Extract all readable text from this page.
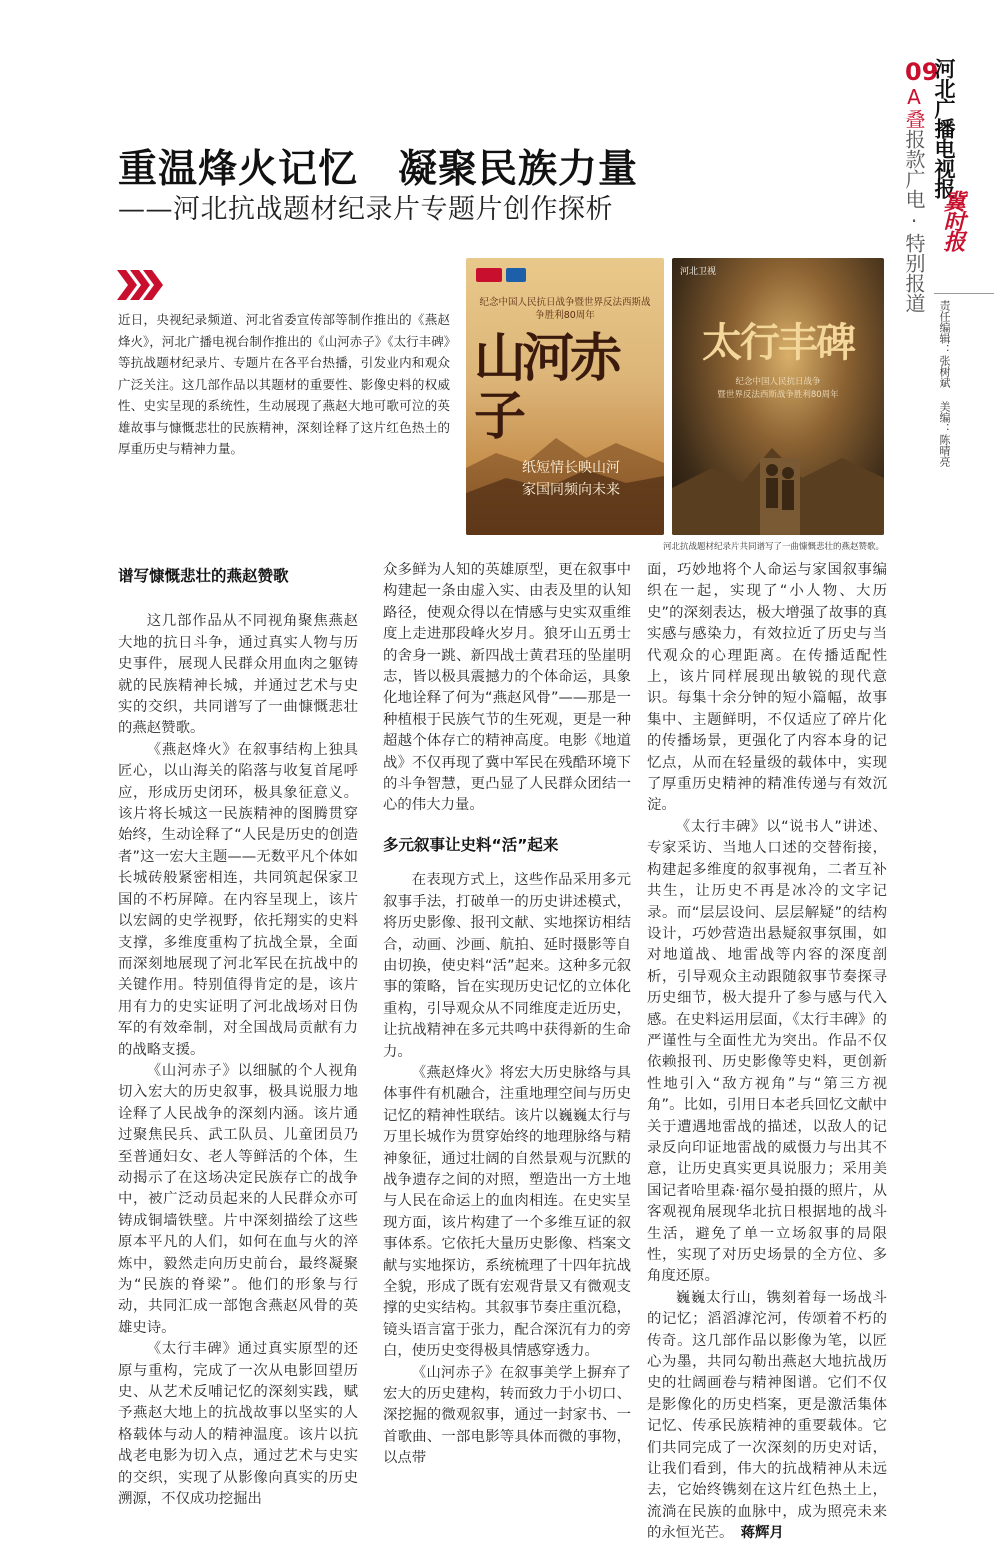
09
河北广播电视报
冀时报
A叠报款广电·特别报道
责任编辑：张树斌 美编：陈晴亮
重温烽火记忆　凝聚民族力量
——河北抗战题材纪录片专题片创作探析
近日，央视纪录频道、河北省委宣传部等制作推出的《燕赵烽火》，河北广播电视台制作推出的《山河赤子》《太行丰碑》等抗战题材纪录片、专题片在各平台热播，引发业内和观众广泛关注。这几部作品以其题材的重要性、影像史料的权威性、史实呈现的系统性，生动展现了燕赵大地可歌可泣的英雄故事与慷慨悲壮的民族精神，深刻诠释了这片红色热土的厚重历史与精神力量。
纪念中国人民抗日战争暨世界反法西斯战争胜利80周年
山河赤子
纸短情长映山河
家国同频向未来
河北卫视
太行丰碑
纪念中国人民抗日战争
暨世界反法西斯战争胜利80周年
河北抗战题材纪录片共同谱写了一曲慷慨悲壮的燕赵赞歌。
谱写慷慨悲壮的燕赵赞歌

这几部作品从不同视角聚焦燕赵大地的抗日斗争，通过真实人物与历史事件，展现人民群众用血肉之躯铸就的民族精神长城，并通过艺术与史实的交织，共同谱写了一曲慷慨悲壮的燕赵赞歌。

《燕赵烽火》在叙事结构上独具匠心，以山海关的陷落与收复首尾呼应，形成历史闭环，极具象征意义。该片将长城这一民族精神的图腾贯穿始终，生动诠释了“人民是历史的创造者”这一宏大主题——无数平凡个体如长城砖般紧密相连，共同筑起保家卫国的不朽屏障。在内容呈现上，该片以宏阔的史学视野，依托翔实的史料支撑，多维度重构了抗战全景，全面而深刻地展现了河北军民在抗战中的关键作用。特别值得肯定的是，该片用有力的史实证明了河北战场对日伪军的有效牵制，对全国战局贡献有力的战略支援。

《山河赤子》以细腻的个人视角切入宏大的历史叙事，极具说服力地诠释了人民战争的深刻内涵。该片通过聚焦民兵、武工队员、儿童团员乃至普通妇女、老人等鲜活的个体，生动揭示了在这场决定民族存亡的战争中，被广泛动员起来的人民群众亦可铸成铜墙铁壁。片中深刻描绘了这些原本平凡的人们，如何在血与火的淬炼中，毅然走向历史前台，最终凝聚为“民族的脊梁”。他们的形象与行动，共同汇成一部饱含燕赵风骨的英雄史诗。

《太行丰碑》通过真实原型的还原与重构，完成了一次从电影回望历史、从艺术反哺记忆的深刻实践，赋予燕赵大地上的抗战故事以坚实的人格载体与动人的精神温度。该片以抗战老电影为切入点，通过艺术与史实的交织，实现了从影像向真实的历史溯源，不仅成功挖掘出

众多鲜为人知的英雄原型，更在叙事中构建起一条由虚入实、由表及里的认知路径，使观众得以在情感与史实双重维度上走进那段峰火岁月。狼牙山五勇士的舍身一跳、新四战士黄君珏的坠崖明志，皆以极具震撼力的个体命运，具象化地诠释了何为“燕赵风骨”——那是一种植根于民族气节的生死观，更是一种超越个体存亡的精神高度。电影《地道战》不仅再现了冀中军民在残酷环境下的斗争智慧，更凸显了人民群众团结一心的伟大力量。

多元叙事让史料“活”起来

在表现方式上，这些作品采用多元叙事手法，打破单一的历史讲述模式，将历史影像、报刊文献、实地探访相结合，动画、沙画、航拍、延时摄影等自由切换，使史料“活”起来。这种多元叙事的策略，旨在实现历史记忆的立体化重构，引导观众从不同维度走近历史，让抗战精神在多元共鸣中获得新的生命力。

《燕赵烽火》将宏大历史脉络与具体事件有机融合，注重地理空间与历史记忆的精神性联结。该片以巍巍太行与万里长城作为贯穿始终的地理脉络与精神象征，通过壮阔的自然景观与沉默的战争遗存之间的对照，塑造出一方土地与人民在命运上的血肉相连。在史实呈现方面，该片构建了一个多维互证的叙事体系。它依托大量历史影像、档案文献与实地探访，系统梳理了十四年抗战全貌，形成了既有宏观背景又有微观支撑的史实结构。其叙事节奏庄重沉稳，镜头语言富于张力，配合深沉有力的旁白，使历史变得极具情感穿透力。

《山河赤子》在叙事美学上摒弃了宏大的历史建构，转而致力于小切口、深挖掘的微观叙事，通过一封家书、一首歌曲、一部电影等具体而微的事物，以点带

面，巧妙地将个人命运与家国叙事编织在一起，实现了“小人物、大历史”的深刻表达，极大增强了故事的真实感与感染力，有效拉近了历史与当代观众的心理距离。在传播适配性上，该片同样展现出敏锐的现代意识。每集十余分钟的短小篇幅，故事集中、主题鲜明，不仅适应了碎片化的传播场景，更强化了内容本身的记忆点，从而在轻量级的载体中，实现了厚重历史精神的精准传递与有效沉淀。

《太行丰碑》以“说书人”讲述、专家采访、当地人口述的交替衔接，构建起多维度的叙事视角，二者互补共生，让历史不再是冰冷的文字记录。而“层层设问、层层解疑”的结构设计，巧妙营造出悬疑叙事氛围，如对地道战、地雷战等内容的深度剖析，引导观众主动跟随叙事节奏探寻历史细节，极大提升了参与感与代入感。在史料运用层面，《太行丰碑》的严谨性与全面性尤为突出。作品不仅依赖报刊、历史影像等史料，更创新性地引入“敌方视角”与“第三方视角”。比如，引用日本老兵回忆文献中关于遭遇地雷战的描述，以敌人的记录反向印证地雷战的威慑力与出其不意，让历史真实更具说服力；采用美国记者哈里森·福尔曼拍摄的照片，从客观视角展现华北抗日根据地的战斗生活，避免了单一立场叙事的局限性，实现了对历史场景的全方位、多角度还原。

巍巍太行山，镌刻着每一场战斗的记忆；滔滔滹沱河，传颂着不朽的传奇。这几部作品以影像为笔，以匠心为墨，共同勾勒出燕赵大地抗战历史的壮阔画卷与精神图谱。它们不仅是影像化的历史档案，更是激活集体记忆、传承民族精神的重要载体。它们共同完成了一次深刻的历史对话，让我们看到，伟大的抗战精神从未远去，它始终镌刻在这片红色热土上，流淌在民族的血脉中，成为照亮未来的永恒光芒。　 蒋辉月
